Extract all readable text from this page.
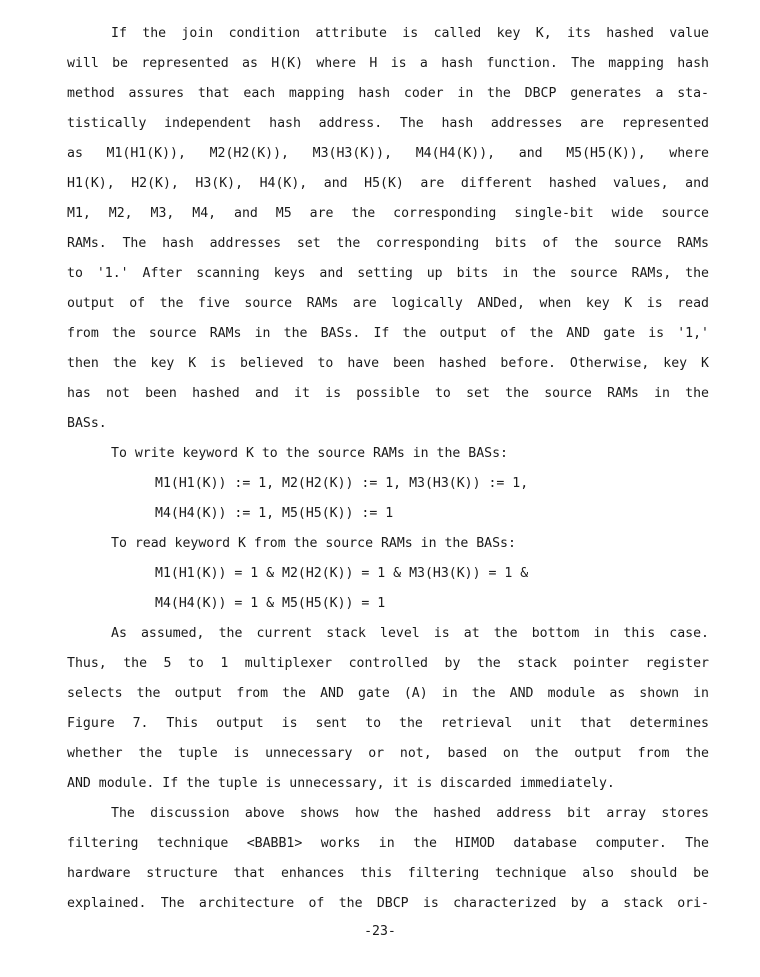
If the join condition attribute is called key K, its hashed value
will be represented as H(K) where H is a hash function. The mapping hash
method assures that each mapping hash coder in the DBCP generates a sta-
tistically independent hash address. The hash addresses are represented
as M1(H1(K)), M2(H2(K)), M3(H3(K)), M4(H4(K)), and M5(H5(K)), where
H1(K), H2(K), H3(K), H4(K), and H5(K) are different hashed values, and
M1, M2, M3, M4, and M5 are the corresponding single-bit wide source
RAMs. The hash addresses set the corresponding bits of the source RAMs
to '1.' After scanning keys and setting up bits in the source RAMs, the
output of the five source RAMs are logically ANDed, when key K is read
from the source RAMs in the BASs. If the output of the AND gate is '1,'
then the key K is believed to have been hashed before. Otherwise, key K
has not been hashed and it is possible to set the source RAMs in the
BASs.
To write keyword K to the source RAMs in the BASs:
M1(H1(K)) := 1, M2(H2(K)) := 1, M3(H3(K)) := 1,
M4(H4(K)) := 1, M5(H5(K)) := 1
To read keyword K from the source RAMs in the BASs:
M1(H1(K)) = 1 & M2(H2(K)) = 1 & M3(H3(K)) = 1 &
M4(H4(K)) = 1 & M5(H5(K)) = 1
As assumed, the current stack level is at the bottom in this case.
Thus, the 5 to 1 multiplexer controlled by the stack pointer register
selects the output from the AND gate (A) in the AND module as shown in
Figure 7. This output is sent to the retrieval unit that determines
whether the tuple is unnecessary or not, based on the output from the
AND module. If the tuple is unnecessary, it is discarded immediately.
The discussion above shows how the hashed address bit array stores
filtering technique <BABB1> works in the HIMOD database computer. The
hardware structure that enhances this filtering technique also should be
explained. The architecture of the DBCP is characterized by a stack ori-
-23-
